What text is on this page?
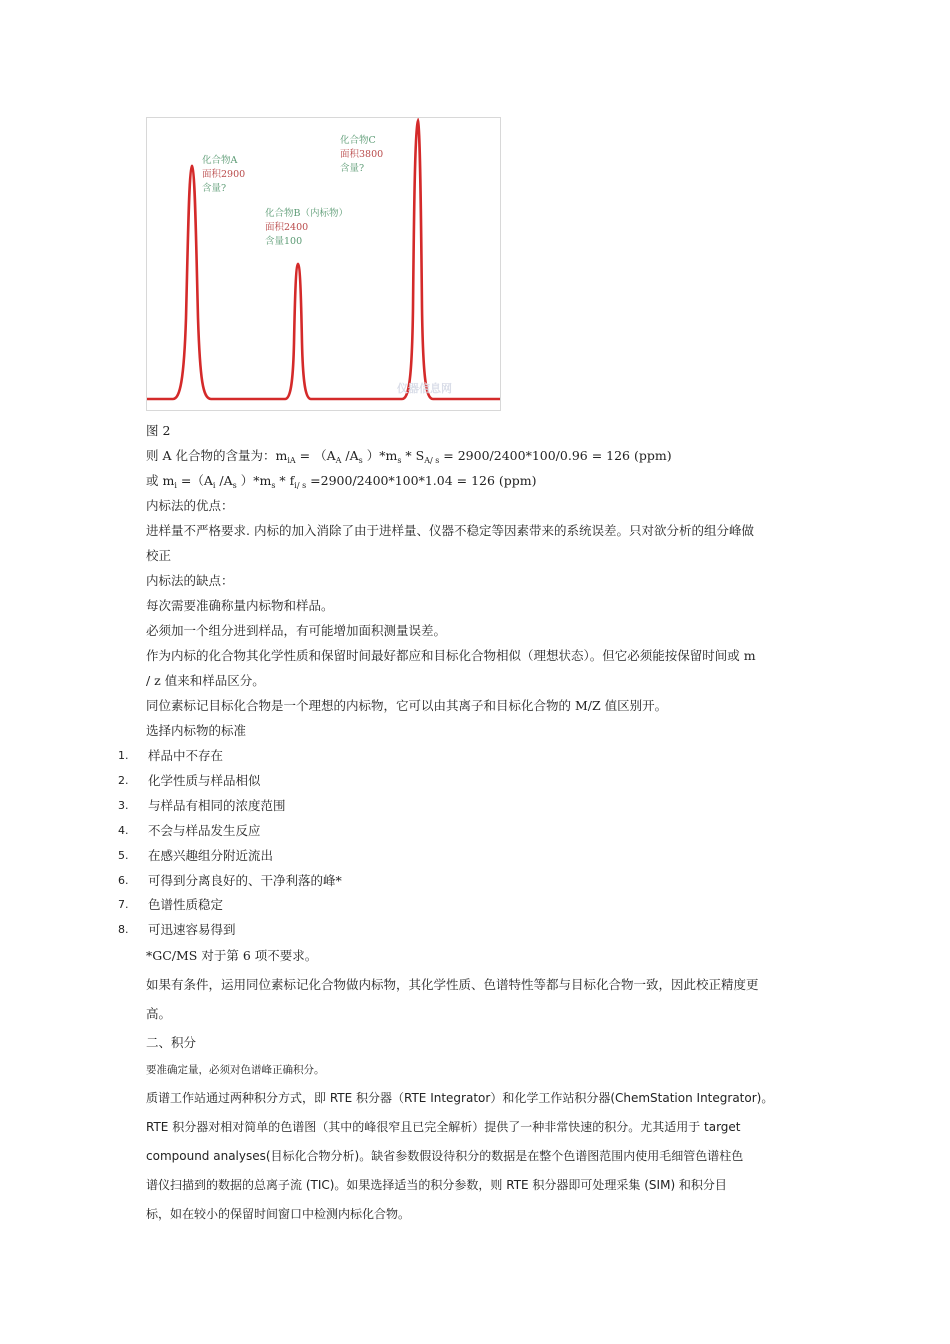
化合物A
面积2900
含量?
化合物B（内标物）
面积2400
含量100
化合物C
面积3800
含量?
仪器信息网
图 2
则 A 化合物的含量为：$m_{iA} = (A_A$ $/A_s$ ）$*m_s * S_{A/ s} = 2900/2400*100/0.96 = 126$ (ppm)
或 $m_i =(A_i$ $/A_s$ ）$*m_s * f_{i/ s} =2900/2400*100*1.04 = 126$ (ppm)
内标法的优点：
进样量不严格要求. 内标的加入消除了由于进样量、仪器不稳定等因素带来的系统误差。只对欲分析的组分峰做
校正
内标法的缺点：
每次需要准确称量内标物和样品。
必须加一个组分进到样品，有可能增加面积测量误差。
作为内标的化合物其化学性质和保留时间最好都应和目标化合物相似（理想状态）。但它必须能按保留时间或 m
/ z 值来和样品区分。
同位素标记目标化合物是一个理想的内标物，它可以由其离子和目标化合物的 M/Z 值区别开。
选择内标物的标准
1. 样品中不存在
2. 化学性质与样品相似
3. 与样品有相同的浓度范围
4. 不会与样品发生反应
5. 在感兴趣组分附近流出
6. 可得到分离良好的、干净利落的峰*
7. 色谱性质稳定
8. 可迅速容易得到
*GC/MS 对于第 6 项不要求。
如果有条件，运用同位素标记化合物做内标物，其化学性质、色谱特性等都与目标化合物一致，因此校正精度更
高。
二、积分
要准确定量，必须对色谱峰正确积分。
质谱工作站通过两种积分方式，即 RTE 积分器（RTE Integrator）和化学工作站积分器(ChemStation Integrator)。
RTE 积分器对相对简单的色谱图（其中的峰很窄且已完全解析）提供了一种非常快速的积分。尤其适用于 target
compound analyses(目标化合物分析)。缺省参数假设待积分的数据是在整个色谱图范围内使用毛细管色谱柱色
谱仪扫描到的数据的总离子流 (TIC)。如果选择适当的积分参数，则 RTE 积分器即可处理采集 (SIM) 和积分目
标，如在较小的保留时间窗口中检测内标化合物。
